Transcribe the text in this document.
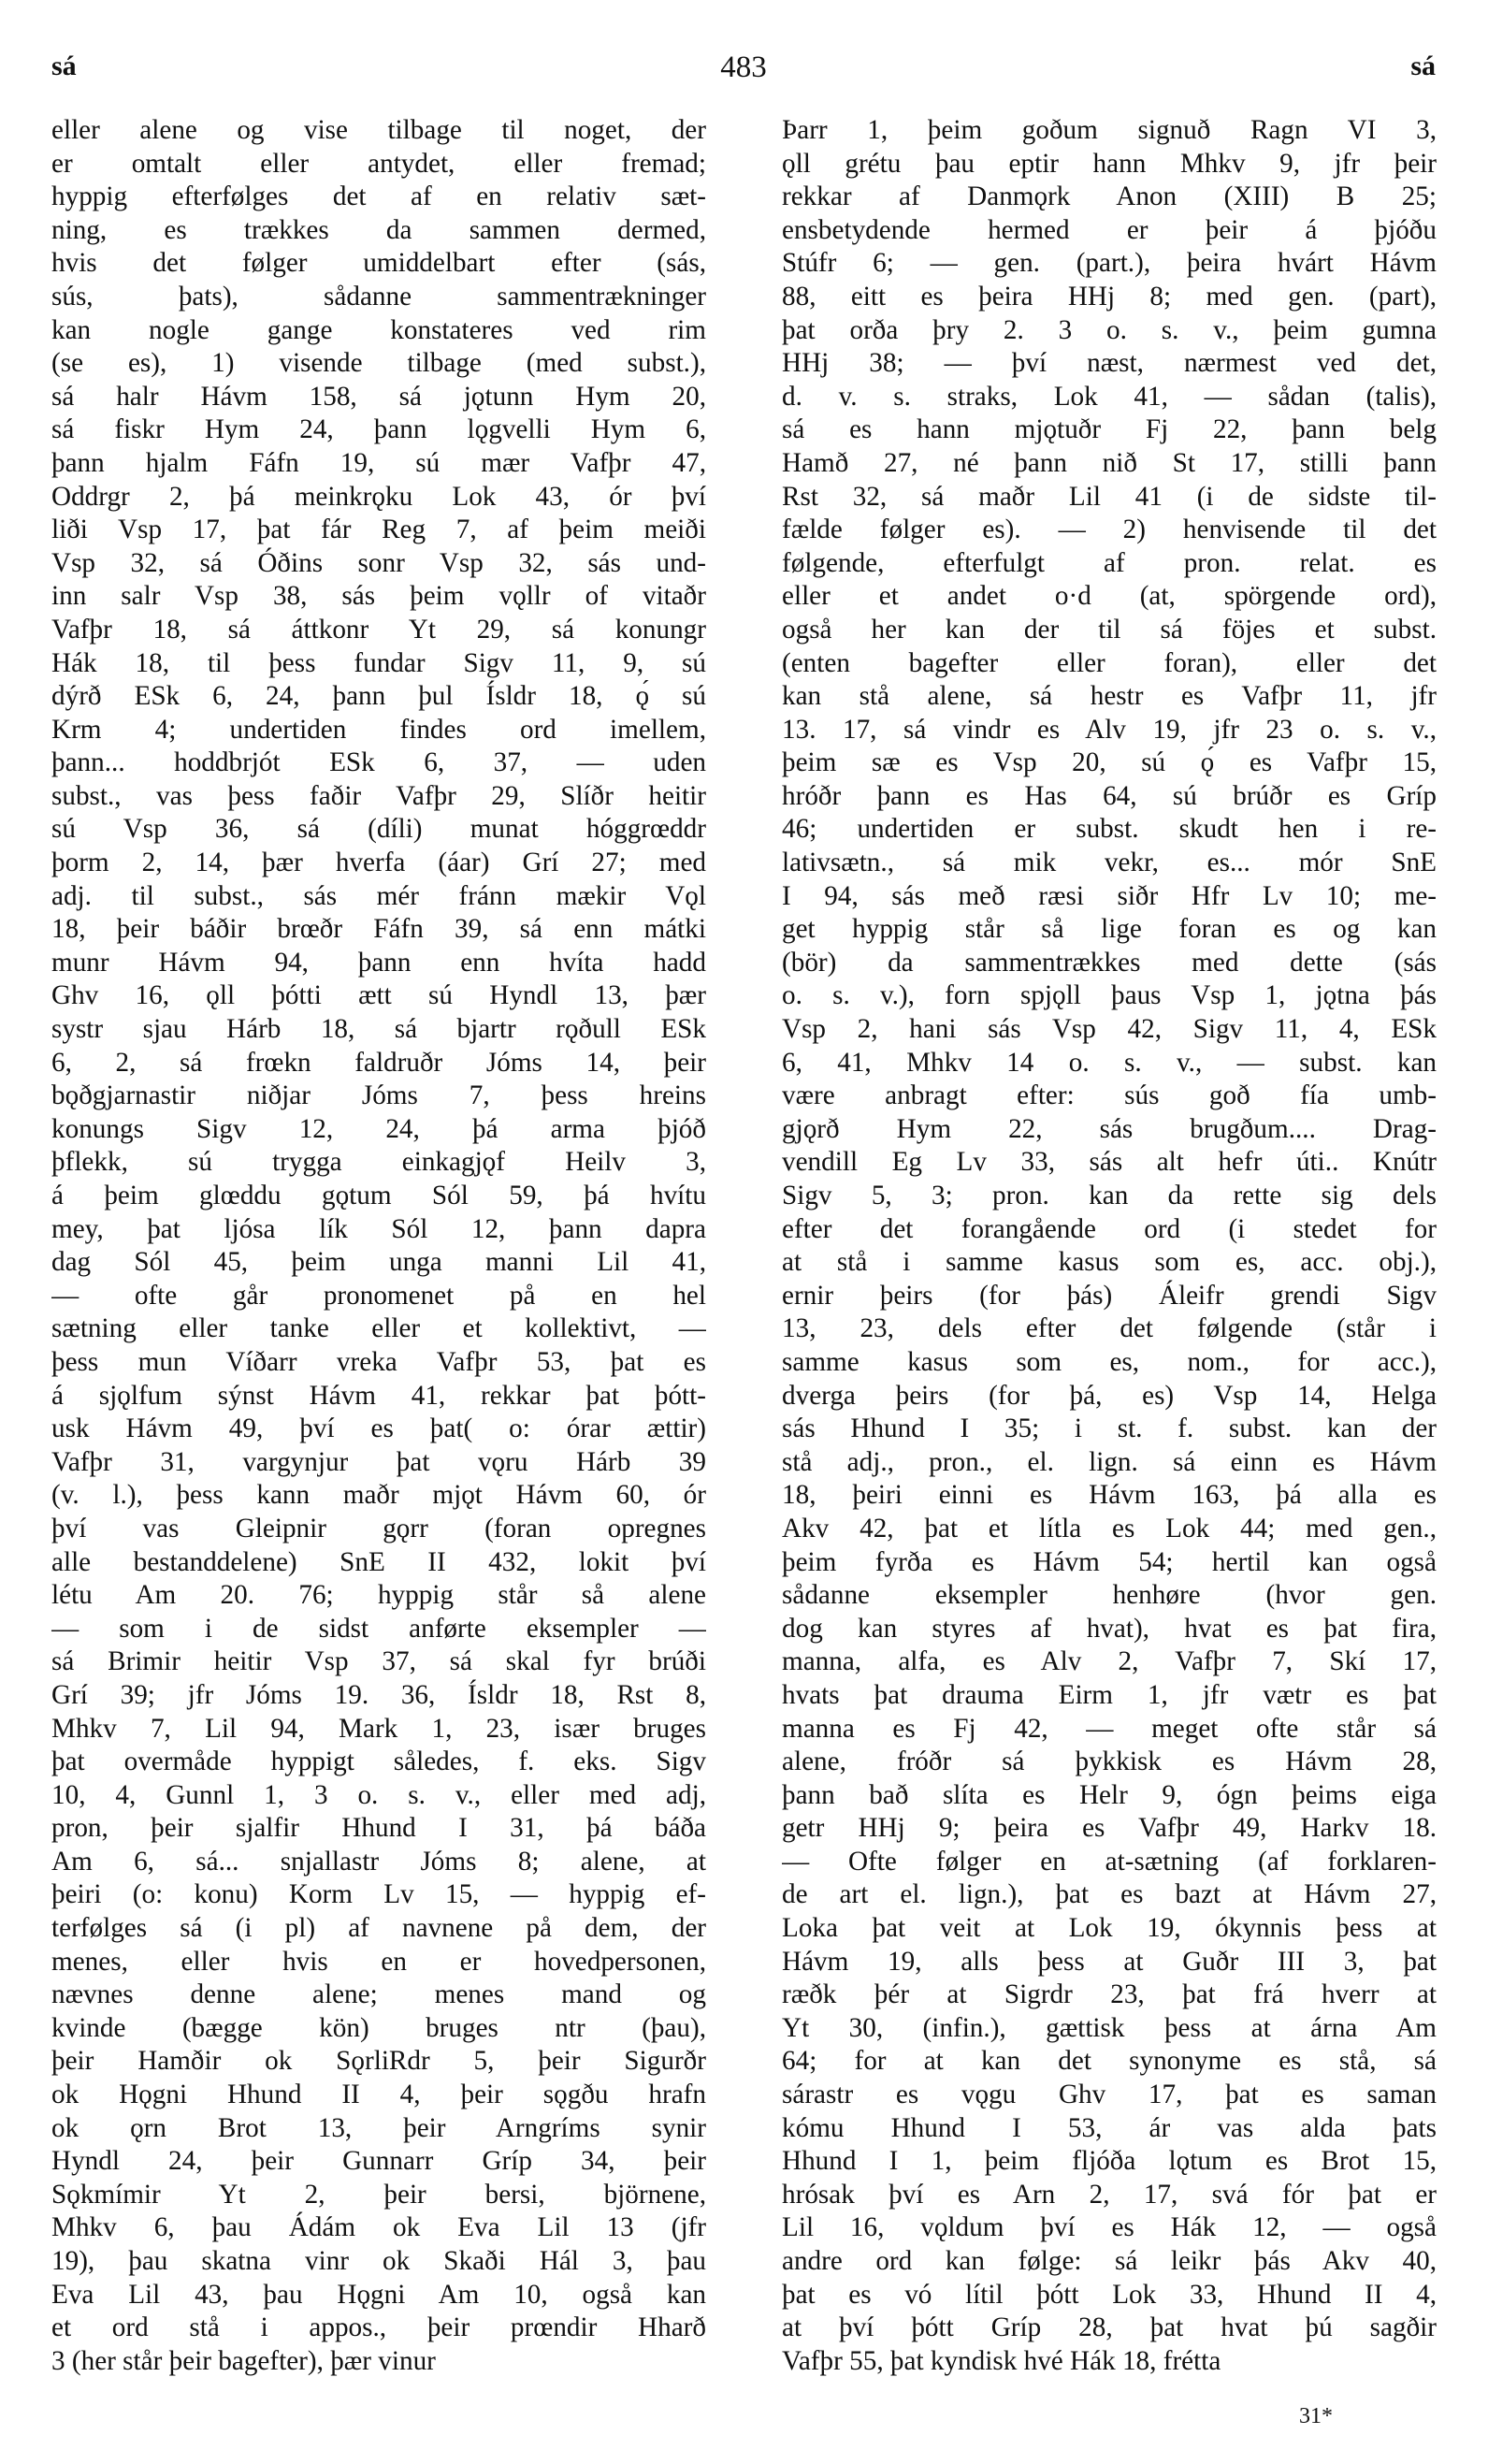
sá	483	sá
eller alene og vise tilbage til noget, der
er omtalt eller antydet, eller fremad;
hyppig efterfølges det af en relativ sæt-
ning, es trækkes da sammen dermed,
hvis det følger umiddelbart efter (sás,
sús, þats), sådanne sammentrækninger
kan nogle gange konstateres ved rim
(se es), 1) visende tilbage (med subst.),
sá halr Hávm 158, sá jǫtunn Hym 20,
sá fiskr Hym 24, þann lǫgvelli Hym 6,
þann hjalm Fáfn 19, sú mær Vafþr 47,
Oddrgr 2, þá meinkrǫku Lok 43, ór því
liði Vsp 17, þat fár Reg 7, af þeim meiði
Vsp 32, sá Óðins sonr Vsp 32, sás und-
inn salr Vsp 38, sás þeim vǫllr of vitaðr
Vafþr 18, sá áttkonr Yt 29, sá konungr
Hák 18, til þess fundar Sigv 11, 9, sú
dýrð ESk 6, 24, þann þul Ísldr 18, ǫ́ sú
Krm 4; undertiden findes ord imellem,
þann... hoddbrjót ESk 6, 37, — uden
subst., vas þess faðir Vafþr 29, Slíðr heitir
sú Vsp 36, sá (díli) munat hóggrœddr
þorm 2, 14, þær hverfa (áar) Grí 27; med
adj. til subst., sás mér fránn mækir Vǫl
18, þeir báðir brœðr Fáfn 39, sá enn mátki
munr Hávm 94, þann enn hvíta hadd
Ghv 16, ǫll þótti ætt sú Hyndl 13, þær
systr sjau Hárb 18, sá bjartr rǫðull ESk
6, 2, sá frœkn faldruðr Jóms 14, þeir
bǫðgjarnastir niðjar Jóms 7, þess hreins
konungs Sigv 12, 24, þá arma þjóð
þflekk, sú trygga einkagjǫf Heilv 3,
á þeim glœddu gǫtum Sól 59, þá hvítu
mey, þat ljósa lík Sól 12, þann dapra
dag Sól 45, þeim unga manni Lil 41,
— ofte går pronomenet på en hel
sætning eller tanke eller et kollektivt, —
þess mun Víðarr vreka Vafþr 53, þat es
á sjǫlfum sýnst Hávm 41, rekkar þat þótt-
usk Hávm 49, því es þat( o: órar ættir)
Vafþr 31, vargynjur þat vǫru Hárb 39
(v. l.), þess kann maðr mjǫt Hávm 60, ór
því vas Gleipnir gǫrr (foran opregnes
alle bestanddelene) SnE II 432, lokit því
létu Am 20. 76; hyppig står så alene
— som i de sidst anførte eksempler —
sá Brimir heitir Vsp 37, sá skal fyr brúði
Grí 39; jfr Jóms 19. 36, Ísldr 18, Rst 8,
Mhkv 7, Lil 94, Mark 1, 23, især bruges
þat overmåde hyppigt således, f. eks. Sigv
10, 4, Gunnl 1, 3 o. s. v., eller med adj,
pron, þeir sjalfir Hhund I 31, þá báða
Am 6, sá... snjallastr Jóms 8; alene, at
þeiri (o: konu) Korm Lv 15, — hyppig ef-
terfølges sá (i pl) af navnene på dem, der
menes, eller hvis en er hovedpersonen,
nævnes denne alene; menes mand og
kvinde (bægge kön) bruges ntr (þau),
þeir Hamðir ok SǫrliRdr 5, þeir Sigurðr
ok Hǫgni Hhund II 4, þeir sǫgðu hrafn
ok ǫrn Brot 13, þeir Arngríms synir
Hyndl 24, þeir Gunnarr Gríp 34, þeir
Sǫkmímir Yt 2, þeir bersi, björnene,
Mhkv 6, þau Ádám ok Eva Lil 13 (jfr
19), þau skatna vinr ok Skaði Hál 3, þau
Eva Lil 43, þau Hǫgni Am 10, også kan
et ord stå i appos., þeir prœndir Hharð
3 (her står þeir bagefter), þær vinur
Þarr 1, þeim goðum signuð Ragn VI 3,
ǫll grétu þau eptir hann Mhkv 9, jfr þeir
rekkar af Danmǫrk Anon (XIII) B 25;
ensbetydende hermed er þeir á þjóðu
Stúfr 6; — gen. (part.), þeira hvárt Hávm
88, eitt es þeira HHj 8; med gen. (part),
þat orða þry 2. 3 o. s. v., þeim gumna
HHj 38; — því næst, nærmest ved det,
d. v. s. straks, Lok 41, — sådan (talis),
sá es hann mjǫtuðr Fj 22, þann belg
Hamð 27, né þann nið St 17, stilli þann
Rst 32, sá maðr Lil 41 (i de sidste til-
fælde følger es). — 2) henvisende til det
følgende, efterfulgt af pron. relat. es
eller et andet o·d (at, spörgende ord),
også her kan der til sá föjes et subst.
(enten bagefter eller foran), eller det
kan stå alene, sá hestr es Vafþr 11, jfr
13. 17, sá vindr es Alv 19, jfr 23 o. s. v.,
þeim sæ es Vsp 20, sú ǫ́ es Vafþr 15,
hróðr þann es Has 64, sú brúðr es Gríp
46; undertiden er subst. skudt hen i re-
lativsætn., sá mik vekr, es... mór SnE
I 94, sás með ræsi siðr Hfr Lv 10; me-
get hyppig står så lige foran es og kan
(bör) da sammentrækkes med dette (sás
o. s. v.), forn spjǫll þaus Vsp 1, jǫtna þás
Vsp 2, hani sás Vsp 42, Sigv 11, 4, ESk
6, 41, Mhkv 14 o. s. v., — subst. kan
være anbragt efter: sús goð fía umb-
gjǫrð Hym 22, sás brugðum.... Drag-
vendill Eg Lv 33, sás alt hefr úti.. Knútr
Sigv 5, 3; pron. kan da rette sig dels
efter det forangående ord (i stedet for
at stå i samme kasus som es, acc. obj.),
ernir þeirs (for þás) Áleifr grendi Sigv
13, 23, dels efter det følgende (står i
samme kasus som es, nom., for acc.),
dverga þeirs (for þá, es) Vsp 14, Helga
sás Hhund I 35; i st. f. subst. kan der
stå adj., pron., el. lign. sá einn es Hávm
18, þeiri einni es Hávm 163, þá alla es
Akv 42, þat et lítla es Lok 44; med gen.,
þeim fyrða es Hávm 54; hertil kan også
sådanne eksempler henhøre (hvor gen.
dog kan styres af hvat), hvat es þat fira,
manna, alfa, es Alv 2, Vafþr 7, Skí 17,
hvats þat drauma Eirm 1, jfr vætr es þat
manna es Fj 42, — meget ofte står sá
alene, fróðr sá þykkisk es Hávm 28,
þann bað slíta es Helr 9, ógn þeims eiga
getr HHj 9; þeira es Vafþr 49, Harkv 18.
— Ofte følger en at-sætning (af forklaren-
de art el. lign.), þat es bazt at Hávm 27,
Loka þat veit at Lok 19, ókynnis þess at
Hávm 19, alls þess at Guðr III 3, þat
ræðk þér at Sigrdr 23, þat frá hverr at
Yt 30, (infin.), gættisk þess at árna Am
64; for at kan det synonyme es stå, sá
sárastr es vǫgu Ghv 17, þat es saman
kómu Hhund I 53, ár vas alda þats
Hhund I 1, þeim fljóða lǫtum es Brot 15,
hrósak því es Arn 2, 17, svá fór þat er
Lil 16, vǫldum því es Hák 12, — også
andre ord kan følge: sá leikr þás Akv 40,
þat es vó lítil þótt Lok 33, Hhund II 4,
at því þótt Gríp 28, þat hvat þú sagðir
Vafþr 55, þat kyndisk hvé Hák 18, frétta
31*
